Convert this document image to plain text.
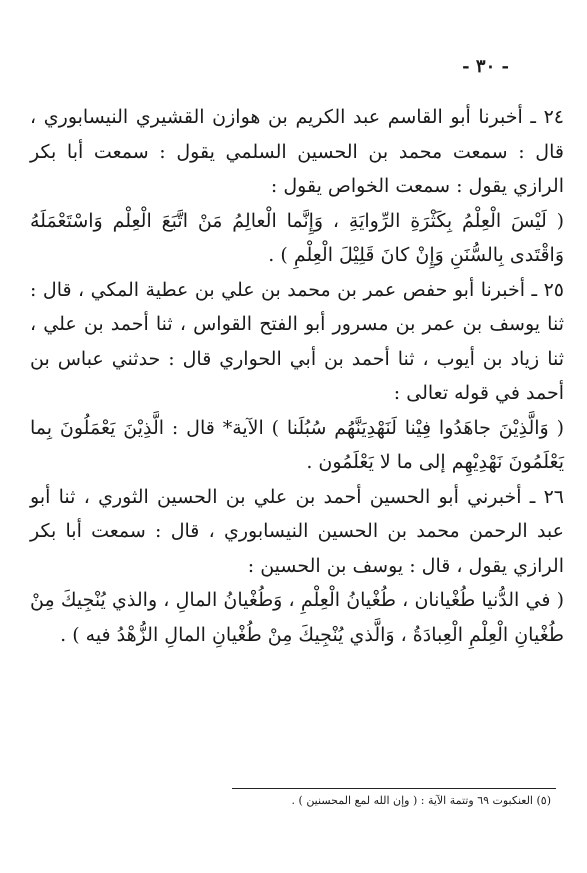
- ٣٠ -

٢٤ ـ أخبرنا أبو القاسم عبد الكريم بن هوازن القشيري النيسابوري ، قال : سمعت محمد بن الحسين السلمي يقول : سمعت أبا بكر الرازي يقول : سمعت الخواص يقول :

( لَيْسَ الْعِلْمُ بِكَثْرَةِ الرِّوايَةِ ، وَإِنَّما الْعالِمُ مَنْ اتَّبَعَ الْعِلْم وَاسْتَعْمَلَهُ وَاقْتَدى بِالسُّنَنِ وَإِنْ كانَ قَلِيْلَ الْعِلْمِ ) .

٢٥ ـ أخبرنا أبو حفص عمر بن محمد بن علي بن عطية المكي ، قال : ثنا يوسف بن عمر بن مسرور أبو الفتح القواس ، ثنا أحمد بن علي ، ثنا زياد بن أيوب ، ثنا أحمد بن أبي الحواري قال : حدثني عباس بن أحمد في قوله تعالى :

( وَالَّذِيْنَ جاهَدُوا فِيْنا لَنَهْدِيَنَّهُم سُبُلَنا ) الآية* قال : الَّذِيْنَ يَعْمَلُونَ بِما يَعْلَمُونَ نَهْدِيْهِم إلى ما لا يَعْلَمُون .

٢٦ ـ أخبرني أبو الحسين أحمد بن علي بن الحسين الثوري ، ثنا أبو عبد الرحمن محمد بن الحسين النيسابوري ، قال : سمعت أبا بكر الرازي يقول ، قال : يوسف بن الحسين :

( في الدُّنيا طُغْيانان ، طُغْيانُ الْعِلْمِ ، وَطُغْيانُ المالِ ، والذي يُنْجِيكَ مِنْ طُغْيانِ الْعِلْمِ الْعِبادَةُ ، وَالَّذي يُنْجِيكَ مِنْ طُغْيانِ المالِ الزُّهْدُ فيه ) .

(٥) العنكبوت ٦٩ وتتمة الآية : ( وإن الله لمع المحسنين ) .
